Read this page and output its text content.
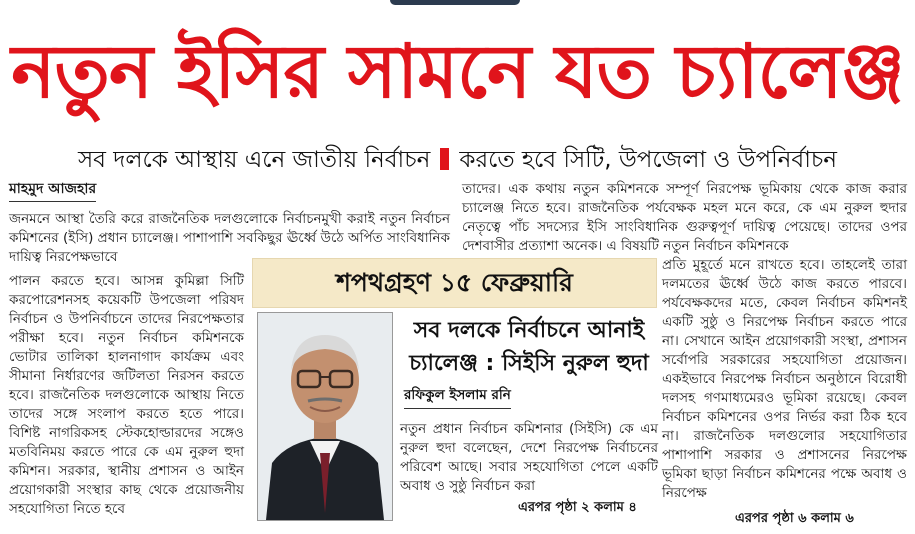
নতুন ইসির সামনে যত চ্যালেঞ্জ
সব দলকে আস্থায় এনে জাতীয় নির্বাচন করতে হবে সিটি, উপজেলা ও উপনির্বাচন
মাহমুদ আজহার

জনমনে আস্থা তৈরি করে রাজনৈতিক দলগুলোকে নির্বাচনমুখী করাই নতুন নির্বাচন কমিশনের (ইসি) প্রধান চ্যালেঞ্জ। পাশাপাশি সবকিছুর ঊর্ধ্বে উঠে অর্পিত সাংবিধানিক দায়িত্ব নিরপেক্ষভাবে

পালন করতে হবে। আসন্ন কুমিল্লা সিটি করপোরেশনসহ কয়েকটি উপজেলা পরিষদ নির্বাচন ও উপনির্বাচনে তাদের নিরপেক্ষতার পরীক্ষা হবে। নতুন নির্বাচন কমিশনকে ভোটার তালিকা হালনাগাদ কার্যক্রম এবং সীমানা নির্ধারণের জটিলতা নিরসন করতে হবে। রাজনৈতিক দলগুলোকে আস্থায় নিতে তাদের সঙ্গে সংলাপ করতে হতে পারে। বিশিষ্ট নাগরিকসহ স্টেকহোল্ডারদের সঙ্গেও মতবিনিময় করতে পারে কে এম নুরুল হুদা কমিশন। সরকার, স্থানীয় প্রশাসন ও আইন প্রয়োগকারী সংস্থার কাছ থেকে প্রয়োজনীয় সহযোগিতা নিতে হবে

তাদের। এক কথায় নতুন কমিশনকে সম্পূর্ণ নিরপেক্ষ ভূমিকায় থেকে কাজ করার চ্যালেঞ্জ নিতে হবে। রাজনৈতিক পর্যবেক্ষক মহল মনে করে, কে এম নুরুল হুদার নেতৃত্বে পাঁচ সদস্যের ইসি সাংবিধানিক গুরুত্বপূর্ণ দায়িত্ব পেয়েছে। তাদের ওপর দেশবাসীর প্রত্যাশা অনেক। এ বিষয়টি নতুন নির্বাচন কমিশনকে

প্রতি মুহূর্তে মনে রাখতে হবে। তাহলেই তারা দলমতের ঊর্ধ্বে উঠে কাজ করতে পারবে। পর্যবেক্ষকদের মতে, কেবল নির্বাচন কমিশনই একটি সুষ্ঠু ও নিরপেক্ষ নির্বাচন করতে পারে না। সেখানে আইন প্রয়োগকারী সংস্থা, প্রশাসন সর্বোপরি সরকারের সহযোগিতা প্রয়োজন। একইভাবে নিরপেক্ষ নির্বাচন অনুষ্ঠানে বিরোধী দলসহ গণমাধ্যমেরও ভূমিকা রয়েছে। কেবল নির্বাচন কমিশনের ওপর নির্ভর করা ঠিক হবে না। রাজনৈতিক দলগুলোর সহযোগিতার পাশাপাশি সরকার ও প্রশাসনের নিরপেক্ষ ভূমিকা ছাড়া নির্বাচন কমিশনের পক্ষে অবাধ ও নিরপেক্ষ

এরপর পৃষ্ঠা ৬ কলাম ৬
শপথগ্রহণ ১৫ ফেব্রুয়ারি
সব দলকে নির্বাচনে আনাই চ্যালেঞ্জ : সিইসি নুরুল হুদা
রফিকুল ইসলাম রনি

নতুন প্রধান নির্বাচন কমিশনার (সিইসি) কে এম নুরুল হুদা বলেছেন, দেশে নিরপেক্ষ নির্বাচনের পরিবেশ আছে। সবার সহযোগিতা পেলে একটি অবাধ ও সুষ্ঠু নির্বাচন করা

এরপর পৃষ্ঠা ২ কলাম ৪
